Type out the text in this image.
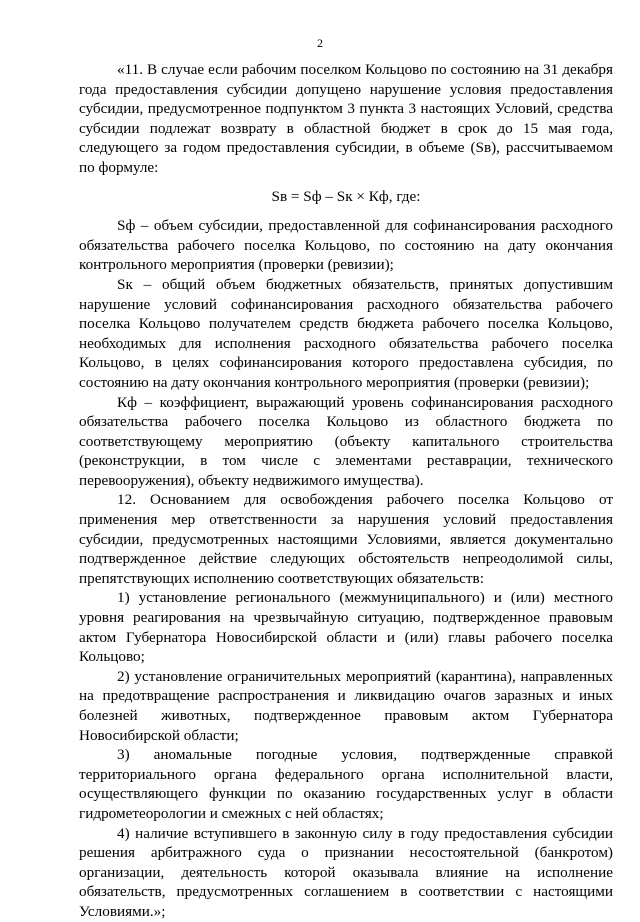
2

«11. В случае если рабочим поселком Кольцово по состоянию на 31 декабря года предоставления субсидии допущено нарушение условия предоставления субсидии, предусмотренное подпунктом 3 пункта 3 настоящих Условий, средства субсидии подлежат возврату в областной бюджет в срок до 15 мая года, следующего за годом предоставления субсидии, в объеме (Sв), рассчитываемом по формуле:

Sв = Sф – Sк × Кф, где:

Sф – объем субсидии, предоставленной для софинансирования расходного обязательства рабочего поселка Кольцово, по состоянию на дату окончания контрольного мероприятия (проверки (ревизии);

Sк – общий объем бюджетных обязательств, принятых допустившим нарушение условий софинансирования расходного обязательства рабочего поселка Кольцово получателем средств бюджета рабочего поселка Кольцово, необходимых для исполнения расходного обязательства рабочего поселка Кольцово, в целях софинансирования которого предоставлена субсидия, по состоянию на дату окончания контрольного мероприятия (проверки (ревизии);

Кф – коэффициент, выражающий уровень софинансирования расходного обязательства рабочего поселка Кольцово из областного бюджета по соответствующему мероприятию (объекту капитального строительства (реконструкции, в том числе с элементами реставрации, технического перевооружения), объекту недвижимого имущества).

12. Основанием для освобождения рабочего поселка Кольцово от применения мер ответственности за нарушения условий предоставления субсидии, предусмотренных настоящими Условиями, является документально подтвержденное действие следующих обстоятельств непреодолимой силы, препятствующих исполнению соответствующих обязательств:

1) установление регионального (межмуниципального) и (или) местного уровня реагирования на чрезвычайную ситуацию, подтвержденное правовым актом Губернатора Новосибирской области и (или) главы рабочего поселка Кольцово;

2) установление ограничительных мероприятий (карантина), направленных на предотвращение распространения и ликвидацию очагов заразных и иных болезней животных, подтвержденное правовым актом Губернатора Новосибирской области;

3) аномальные погодные условия, подтвержденные справкой территориального органа федерального органа исполнительной власти, осуществляющего функции по оказанию государственных услуг в области гидрометеорологии и смежных с ней областях;

4) наличие вступившего в законную силу в году предоставления субсидии решения арбитражного суда о признании несостоятельной (банкротом) организации, деятельность которой оказывала влияние на исполнение обязательств, предусмотренных соглашением в соответствии с настоящими Условиями.»;
